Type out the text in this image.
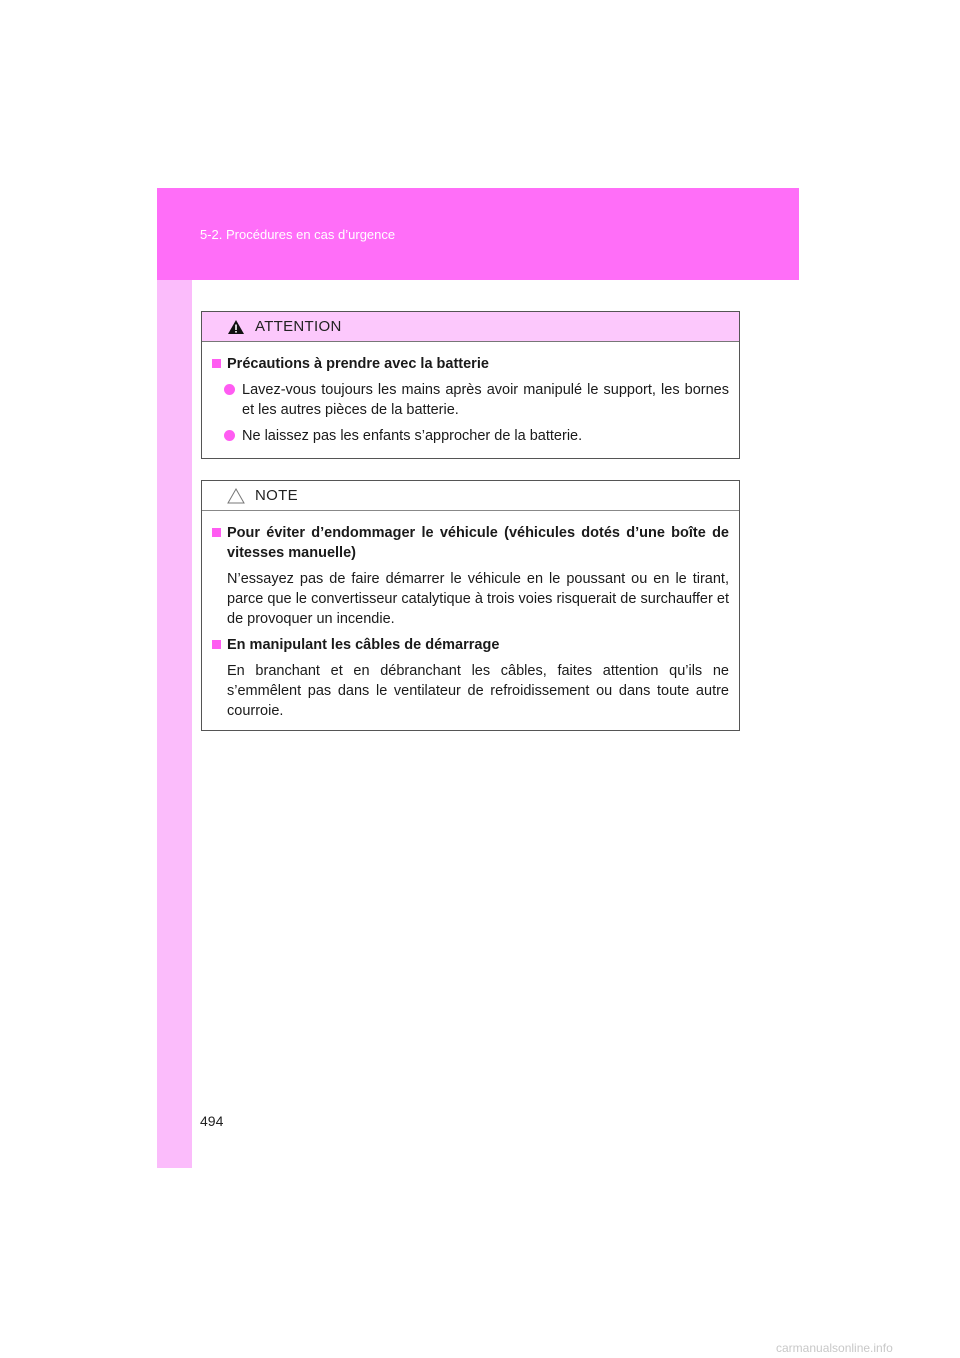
5-2. Procédures en cas d’urgence
ATTENTION
Précautions à prendre avec la batterie
Lavez-vous toujours les mains après avoir manipulé le support, les bornes et les autres pièces de la batterie.
Ne laissez pas les enfants s’approcher de la batterie.
NOTE
Pour éviter d’endommager le véhicule (véhicules dotés d’une boîte de vitesses manuelle)
N’essayez pas de faire démarrer le véhicule en le poussant ou en le tirant, parce que le convertisseur catalytique à trois voies risquerait de surchauffer et de provoquer un incendie.
En manipulant les câbles de démarrage
En branchant et en débranchant les câbles, faites attention qu’ils ne s’emmêlent pas dans le ventilateur de refroidissement ou dans toute autre courroie.
494
carmanualsonline.info
